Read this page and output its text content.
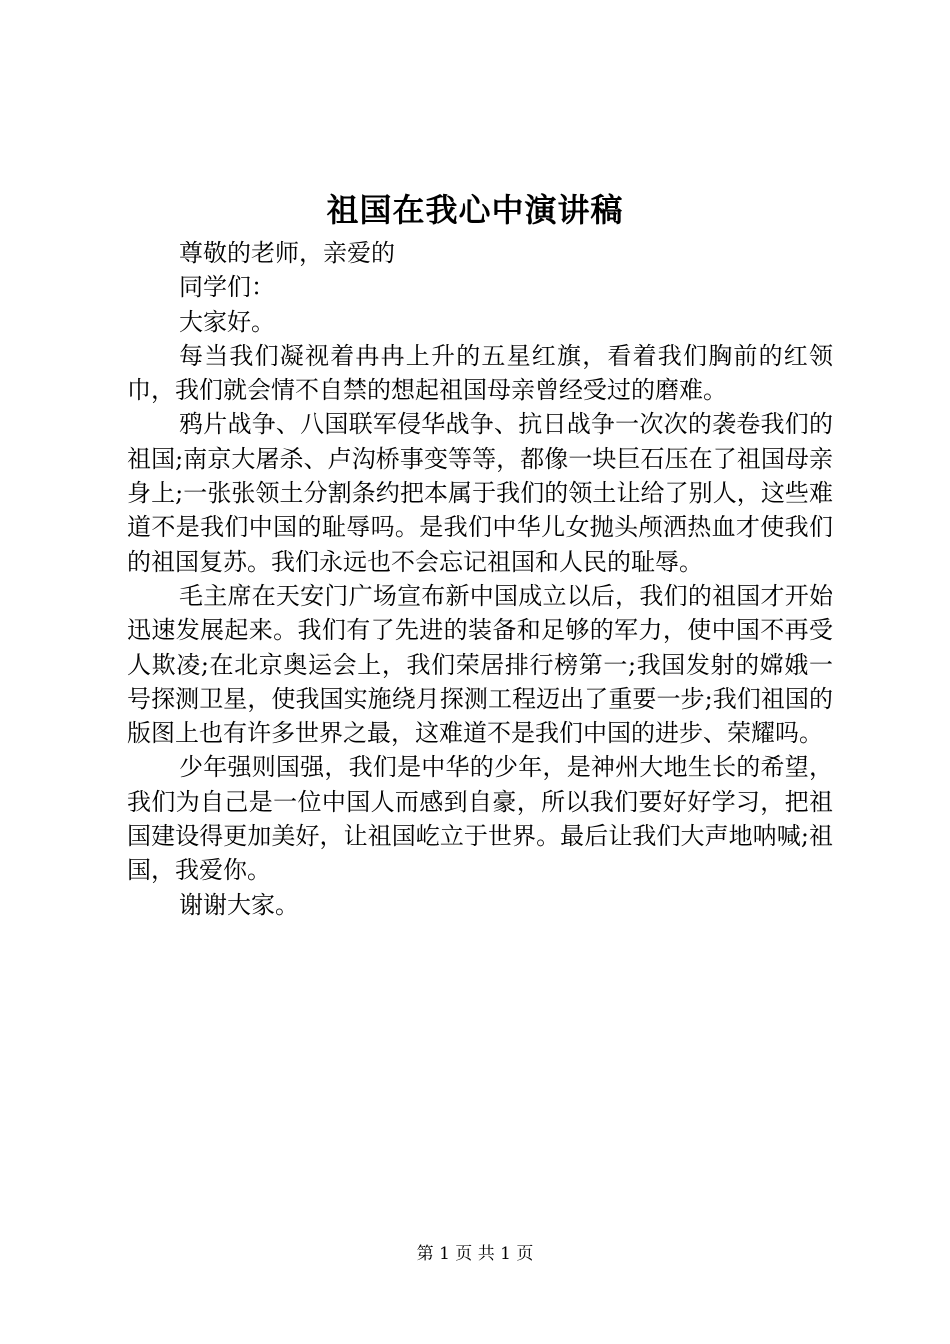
祖国在我心中演讲稿

尊敬的老师，亲爱的

同学们：

大家好。

每当我们凝视着冉冉上升的五星红旗，看着我们胸前的红领巾，我们就会情不自禁的想起祖国母亲曾经受过的磨难。

鸦片战争、八国联军侵华战争、抗日战争一次次的袭卷我们的祖国;南京大屠杀、卢沟桥事变等等，都像一块巨石压在了祖国母亲身上;一张张领土分割条约把本属于我们的领土让给了别人，这些难道不是我们中国的耻辱吗。是我们中华儿女抛头颅洒热血才使我们的祖国复苏。我们永远也不会忘记祖国和人民的耻辱。

毛主席在天安门广场宣布新中国成立以后，我们的祖国才开始迅速发展起来。我们有了先进的装备和足够的军力，使中国不再受人欺凌;在北京奥运会上，我们荣居排行榜第一;我国发射的嫦娥一号探测卫星，使我国实施绕月探测工程迈出了重要一步;我们祖国的版图上也有许多世界之最，这难道不是我们中国的进步、荣耀吗。

少年强则国强，我们是中华的少年，是神州大地生长的希望，我们为自己是一位中国人而感到自豪，所以我们要好好学习，把祖国建设得更加美好，让祖国屹立于世界。最后让我们大声地呐喊;祖国，我爱你。

谢谢大家。

第 1 页 共 1 页
